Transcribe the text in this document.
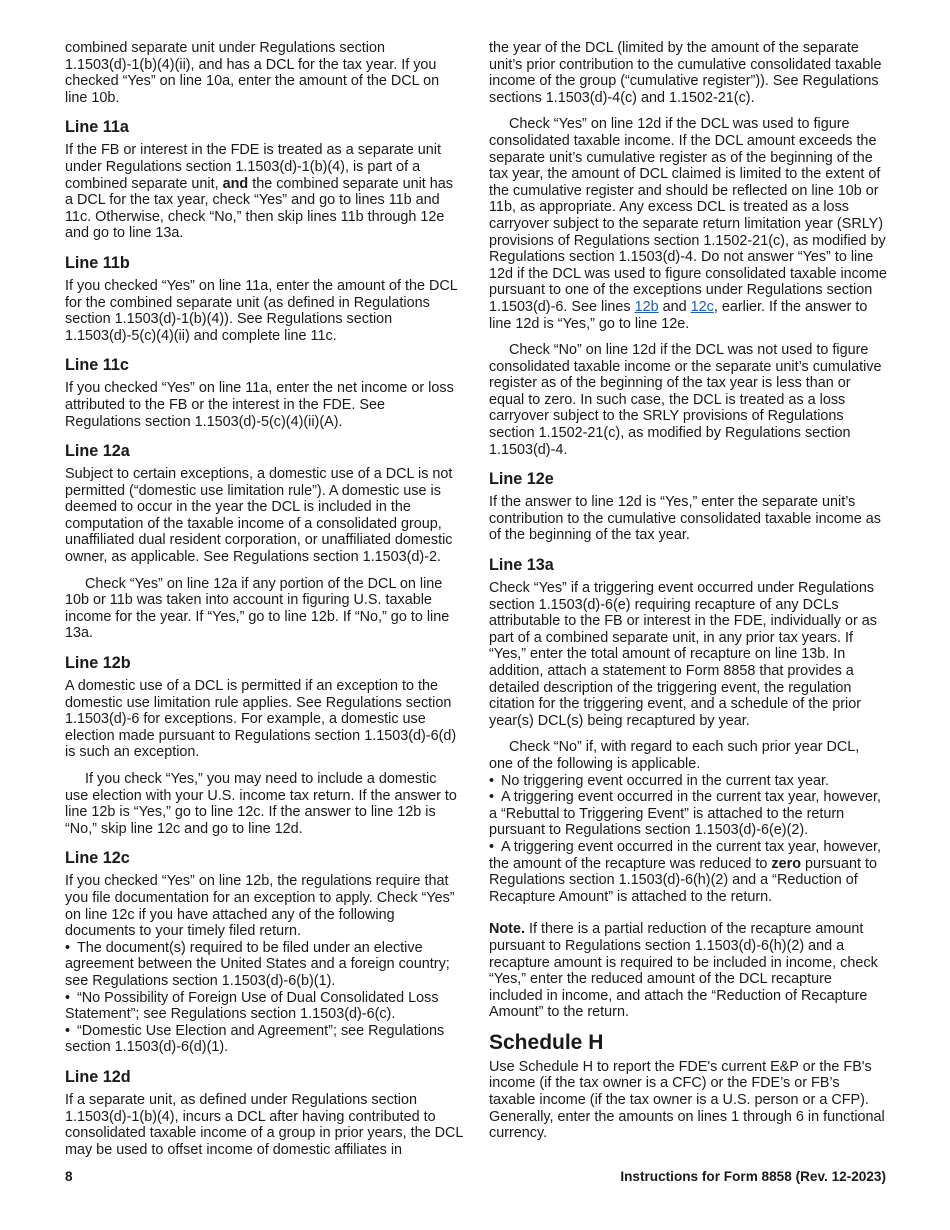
combined separate unit under Regulations section 1.1503(d)-1(b)(4)(ii), and has a DCL for the tax year. If you checked “Yes” on line 10a, enter the amount of the DCL on line 10b.

Line 11a

If the FB or interest in the FDE is treated as a separate unit under Regulations section 1.1503(d)-1(b)(4), is part of a combined separate unit, and the combined separate unit has a DCL for the tax year, check “Yes” and go to lines 11b and 11c. Otherwise, check “No,” then skip lines 11b through 12e and go to line 13a.

Line 11b

If you checked “Yes” on line 11a, enter the amount of the DCL for the combined separate unit (as defined in Regulations section 1.1503(d)-1(b)(4)). See Regulations section 1.1503(d)-5(c)(4)(ii) and complete line 11c.

Line 11c

If you checked “Yes” on line 11a, enter the net income or loss attributed to the FB or the interest in the FDE. See Regulations section 1.1503(d)-5(c)(4)(ii)(A).

Line 12a

Subject to certain exceptions, a domestic use of a DCL is not permitted (“domestic use limitation rule”). A domestic use is deemed to occur in the year the DCL is included in the computation of the taxable income of a consolidated group, unaffiliated dual resident corporation, or unaffiliated domestic owner, as applicable. See Regulations section 1.1503(d)-2.

Check “Yes” on line 12a if any portion of the DCL on line 10b or 11b was taken into account in figuring U.S. taxable income for the year. If “Yes,” go to line 12b. If “No,” go to line 13a.

Line 12b

A domestic use of a DCL is permitted if an exception to the domestic use limitation rule applies. See Regulations section 1.1503(d)-6 for exceptions. For example, a domestic use election made pursuant to Regulations section 1.1503(d)-6(d) is such an exception.

If you check “Yes,” you may need to include a domestic use election with your U.S. income tax return. If the answer to line 12b is “Yes,” go to line 12c. If the answer to line 12b is “No,” skip line 12c and go to line 12d.

Line 12c

If you checked “Yes” on line 12b, the regulations require that you file documentation for an exception to apply. Check “Yes” on line 12c if you have attached any of the following documents to your timely filed return.

• The document(s) required to be filed under an elective agreement between the United States and a foreign country; see Regulations section 1.1503(d)-6(b)(1).
• “No Possibility of Foreign Use of Dual Consolidated Loss Statement”; see Regulations section 1.1503(d)-6(c).
• “Domestic Use Election and Agreement”; see Regulations section 1.1503(d)-6(d)(1).
Line 12d

If a separate unit, as defined under Regulations section 1.1503(d)-1(b)(4), incurs a DCL after having contributed to consolidated taxable income of a group in prior years, the DCL may be used to offset income of domestic affiliates in

the year of the DCL (limited by the amount of the separate unit’s prior contribution to the cumulative consolidated taxable income of the group (“cumulative register”)). See Regulations sections 1.1503(d)-4(c) and 1.1502-21(c).

Check “Yes” on line 12d if the DCL was used to figure consolidated taxable income. If the DCL amount exceeds the separate unit’s cumulative register as of the beginning of the tax year, the amount of DCL claimed is limited to the extent of the cumulative register and should be reflected on line 10b or 11b, as appropriate. Any excess DCL is treated as a loss carryover subject to the separate return limitation year (SRLY) provisions of Regulations section 1.1502-21(c), as modified by Regulations section 1.1503(d)-4. Do not answer “Yes” to line 12d if the DCL was used to figure consolidated taxable income pursuant to one of the exceptions under Regulations section 1.1503(d)-6. See lines 12b and 12c, earlier. If the answer to line 12d is “Yes,” go to line 12e.

Check “No” on line 12d if the DCL was not used to figure consolidated taxable income or the separate unit’s cumulative register as of the beginning of the tax year is less than or equal to zero. In such case, the DCL is treated as a loss carryover subject to the SRLY provisions of Regulations section 1.1502-21(c), as modified by Regulations section 1.1503(d)-4.

Line 12e

If the answer to line 12d is “Yes,” enter the separate unit’s contribution to the cumulative consolidated taxable income as of the beginning of the tax year.

Line 13a

Check “Yes” if a triggering event occurred under Regulations section 1.1503(d)-6(e) requiring recapture of any DCLs attributable to the FB or interest in the FDE, individually or as part of a combined separate unit, in any prior tax years. If “Yes,” enter the total amount of recapture on line 13b. In addition, attach a statement to Form 8858 that provides a detailed description of the triggering event, the regulation citation for the triggering event, and a schedule of the prior year(s) DCL(s) being recaptured by year.

Check “No” if, with regard to each such prior year DCL, one of the following is applicable.

• No triggering event occurred in the current tax year.
• A triggering event occurred in the current tax year, however, a “Rebuttal to Triggering Event” is attached to the return pursuant to Regulations section 1.1503(d)-6(e)(2).
• A triggering event occurred in the current tax year, however, the amount of the recapture was reduced to zero pursuant to Regulations section 1.1503(d)-6(h)(2) and a “Reduction of Recapture Amount” is attached to the return.

Note. If there is a partial reduction of the recapture amount pursuant to Regulations section 1.1503(d)-6(h)(2) and a recapture amount is required to be included in income, check “Yes,” enter the reduced amount of the DCL recapture included in income, and attach the “Reduction of Recapture Amount” to the return.

Schedule H

Use Schedule H to report the FDE's current E&P or the FB's income (if the tax owner is a CFC) or the FDE’s or FB’s taxable income (if the tax owner is a U.S. person or a CFP). Generally, enter the amounts on lines 1 through 6 in functional currency.

8	Instructions for Form 8858 (Rev. 12-2023)
